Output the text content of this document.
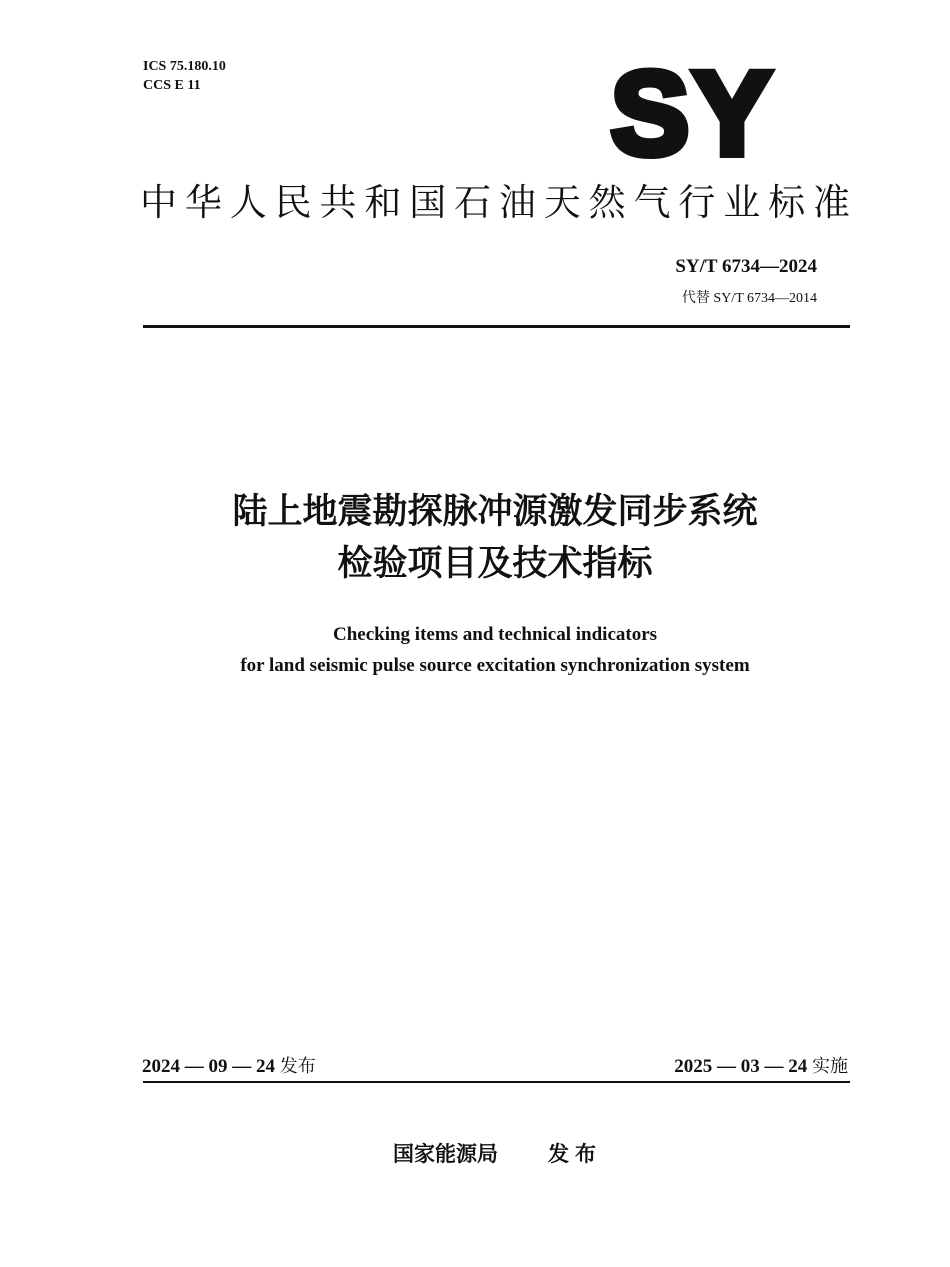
ICS 75.180.10
CCS E 11	SY
中华人民共和国石油天然气行业标准
SY/T 6734—2024
代替 SY/T 6734—2014
陆上地震勘探脉冲源激发同步系统
检验项目及技术指标
Checking items and technical indicators
for land seismic pulse source excitation synchronization system
2024 — 09 — 24 发布	2025 — 03 — 24 实施
国家能源局 发布
